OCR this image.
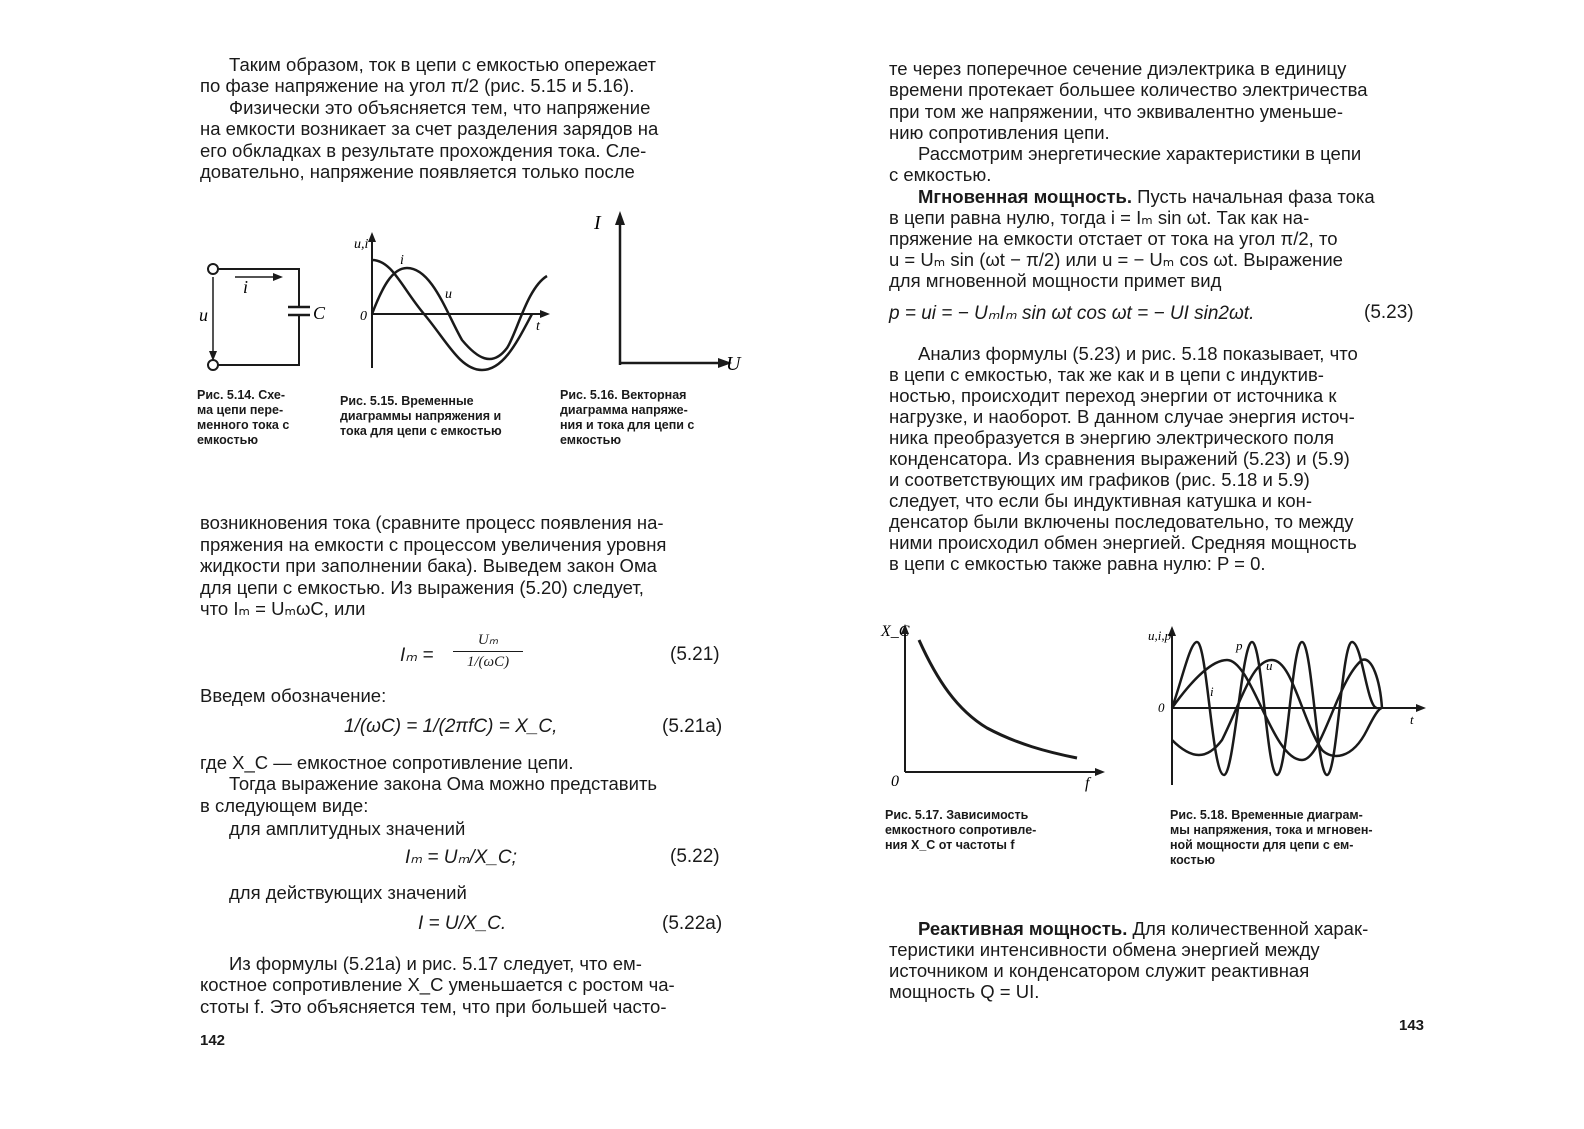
Таким образом, ток в цепи с емкостью опережает
по фазе напряжение на угол π/2 (рис. 5.15 и 5.16).
Физически это объясняется тем, что напряжение
на емкости возникает за счет разделения зарядов на
его обкладках в результате прохождения тока. Сле-
довательно, напряжение появляется только после
i
u	C
Рис. 5.14. Схе-
ма цепи пере-
менного тока с
емкостью
u,i
i
u
0
t
Рис. 5.15. Временные
диаграммы напряжения и
тока для цепи с емкостью
I
U
Рис. 5.16. Векторная
диаграмма напряже-
ния и тока для цепи с
емкостью
возникновения тока (сравните процесс появления на-
пряжения на емкости с процессом увеличения уровня
жидкости при заполнении бака). Выведем закон Ома
для цепи с емкостью. Из выражения (5.20) следует,
что Iₘ = UₘωC, или
Iₘ =
Uₘ
1/(ωC)	(5.21)
Введем обозначение:
1/(ωC) = 1/(2πfC) = X_C,	(5.21a)
где X_C — емкостное сопротивление цепи.
Тогда выражение закона Ома можно представить
в следующем виде:
для амплитудных значений
Iₘ = Uₘ/X_C;	(5.22)
для действующих значений
I = U/X_C.	(5.22a)
Из формулы (5.21a) и рис. 5.17 следует, что ем-
костное сопротивление X_C уменьшается с ростом ча-
стоты f. Это объясняется тем, что при большей часто-
142
те через поперечное сечение диэлектрика в единицу
времени протекает большее количество электричества
при том же напряжении, что эквивалентно уменьше-
нию сопротивления цепи.
Рассмотрим энергетические характеристики в цепи
с емкостью.
Мгновенная мощность. Пусть начальная фаза тока
в цепи равна нулю, тогда i = Iₘ sin ωt. Так как на-
пряжение на емкости отстает от тока на угол π/2, то
u = Uₘ sin (ωt − π/2) или u = − Uₘ cos ωt. Выражение
для мгновенной мощности примет вид
p = ui = − UₘIₘ sin ωt cos ωt = − UI sin2ωt.	(5.23)
Анализ формулы (5.23) и рис. 5.18 показывает, что
в цепи с емкостью, так же как и в цепи с индуктив-
ностью, происходит переход энергии от источника к
нагрузке, и наоборот. В данном случае энергия источ-
ника преобразуется в энергию электрического поля
конденсатора. Из сравнения выражений (5.23) и (5.9)
и соответствующих им графиков (рис. 5.18 и 5.9)
следует, что если бы индуктивная катушка и кон-
денсатор были включены последовательно, то между
ними происходил обмен энергией. Средняя мощность
в цепи с емкостью также равна нулю: P = 0.
X_C
0	f
Рис. 5.17. Зависимость
емкостного сопротивле-
ния X_C от частоты f
u,i,p
p
u
i
0
t
Рис. 5.18. Временные диаграм-
мы напряжения, тока и мгновен-
ной мощности для цепи с ем-
костью
Реактивная мощность. Для количественной харак-
теристики интенсивности обмена энергией между
источником и конденсатором служит реактивная
мощность Q = UI.
143
